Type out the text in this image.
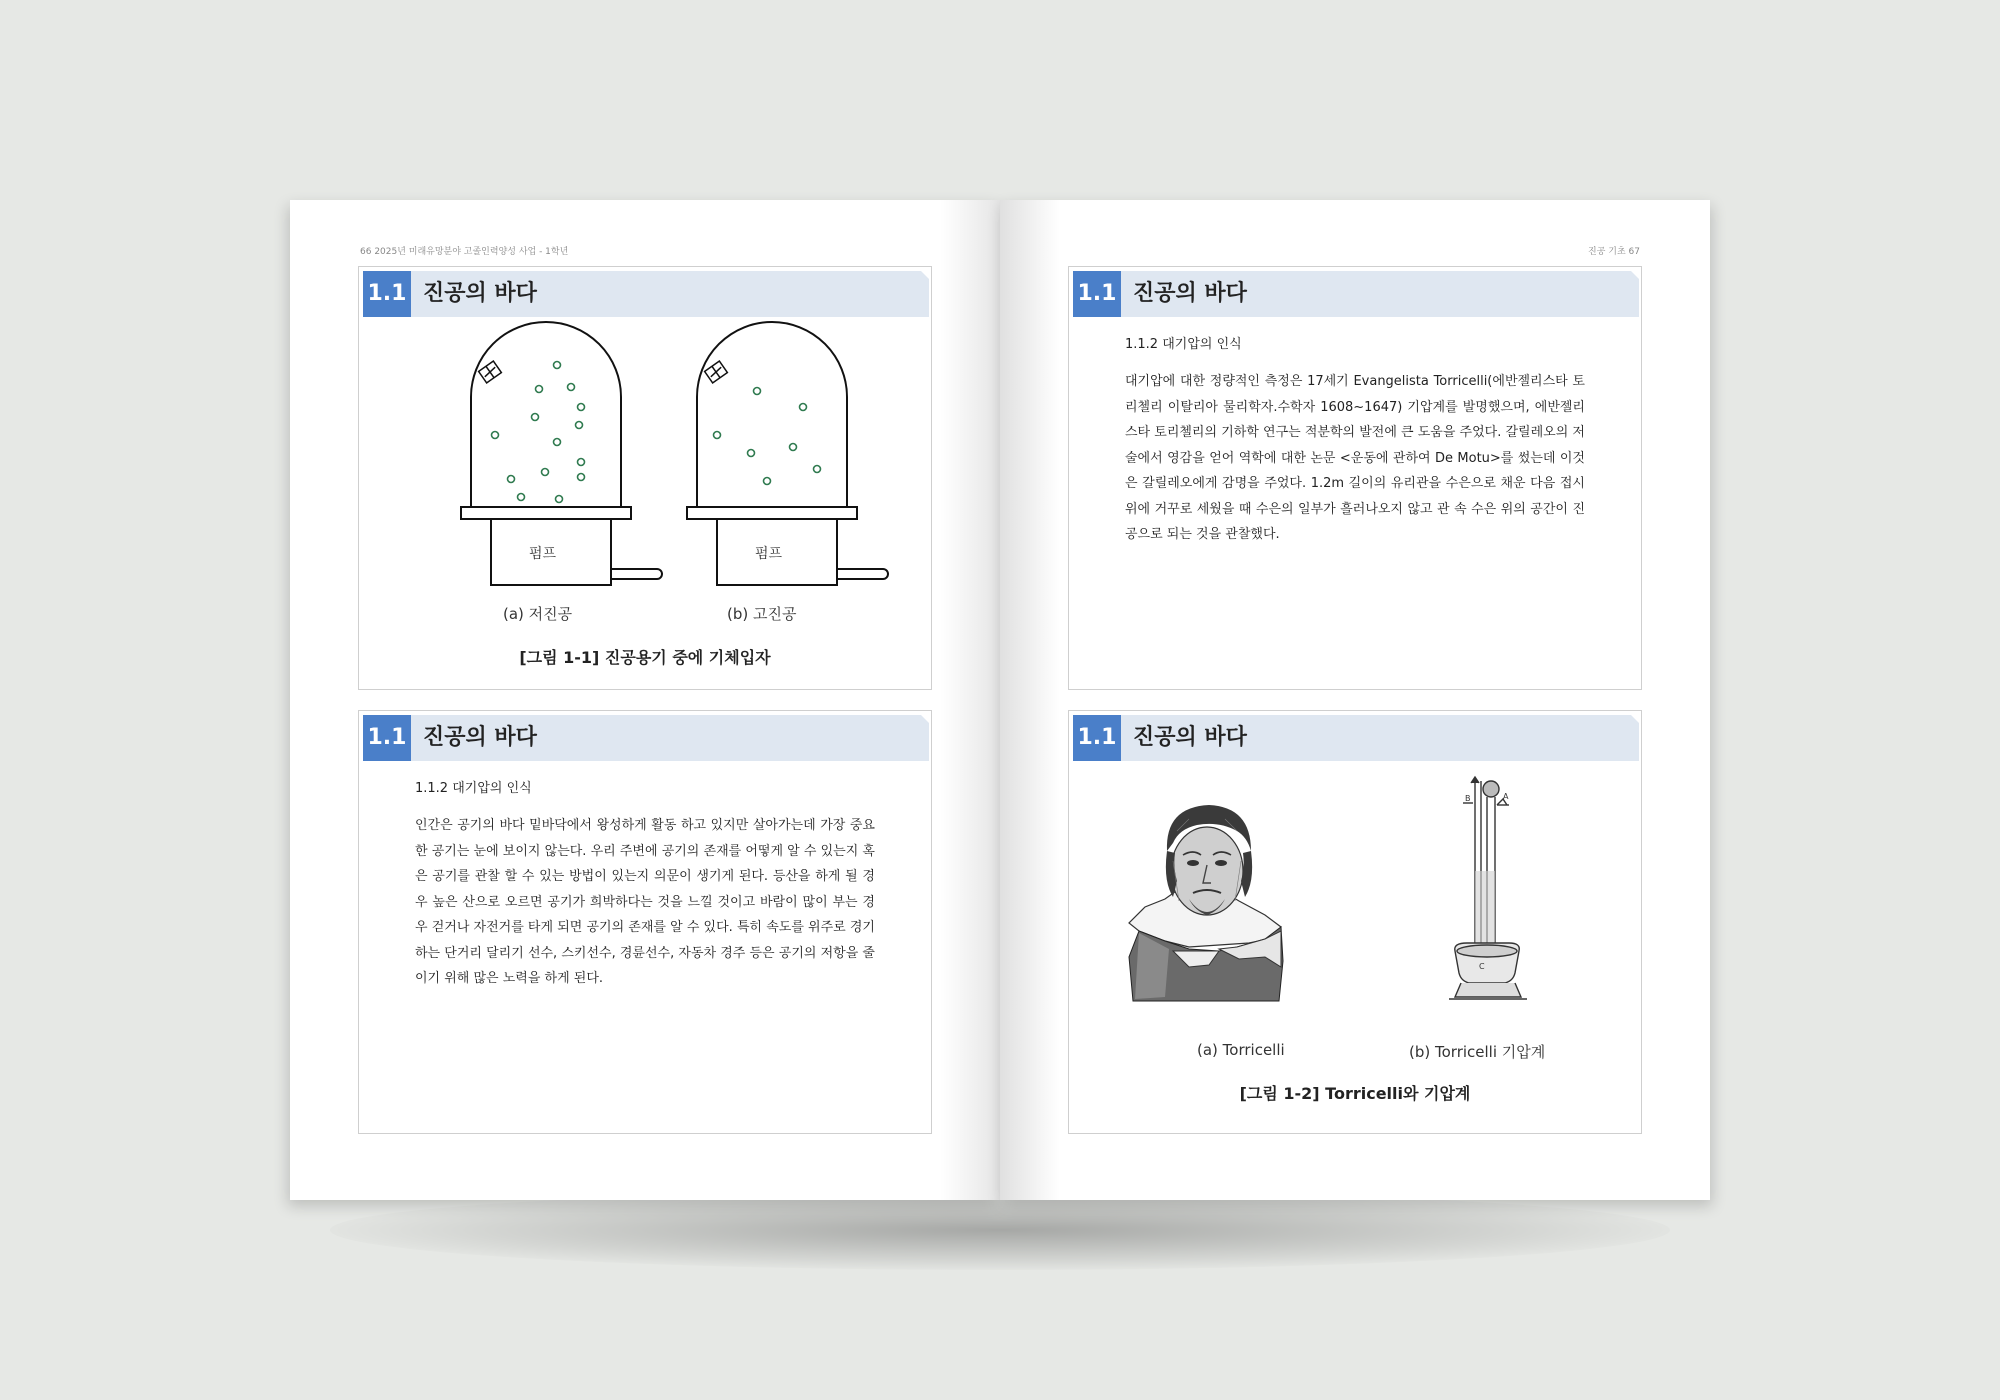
66 2025년 미래유망분야 고졸인력양성 사업 - 1학년
1.1 진공의 바다
펌프	펌프
(a) 저진공	(b) 고진공
[그림 1-1] 진공용기 중에 기체입자
1.1 진공의 바다
1.1.2 대기압의 인식

인간은 공기의 바다 밑바닥에서 왕성하게 활동 하고 있지만 살아가는데 가장 중요한 공기는 눈에 보이지 않는다. 우리 주변에 공기의 존재를 어떻게 알 수 있는지 혹은 공기를 관찰 할 수 있는 방법이 있는지 의문이 생기게 된다. 등산을 하게 될 경우 높은 산으로 오르면 공기가 희박하다는 것을 느낄 것이고 바람이 많이 부는 경우 걷거나 자전거를 타게 되면 공기의 존재를 알 수 있다. 특히 속도를 위주로 경기하는 단거리 달리기 선수, 스키선수, 경륜선수, 자동차 경주 등은 공기의 저항을 줄이기 위해 많은 노력을 하게 된다.

진공 기초 67
1.1 진공의 바다
1.1.2 대기압의 인식

대기압에 대한 정량적인 측정은 17세기 Evangelista Torricelli(에반젤리스타 토리첼리 이탈리아 물리학자.수학자 1608~1647) 기압계를 발명했으며, 에반젤리스타 토리첼리의 기하학 연구는 적분학의 발전에 큰 도움을 주었다. 갈릴레오의 저술에서 영감을 얻어 역학에 대한 논문 <운동에 관하여 De Motu>를 썼는데 이것은 갈릴레오에게 감명을 주었다. 1.2m 길이의 유리관을 수은으로 채운 다음 접시 위에 거꾸로 세웠을 때 수은의 일부가 흘러나오지 않고 관 속 수은 위의 공간이 진공으로 되는 것을 관찰했다.

1.1 진공의 바다
C
B	A
(a) Torricelli	(b) Torricelli 기압계
[그림 1-2] Torricelli와 기압계
